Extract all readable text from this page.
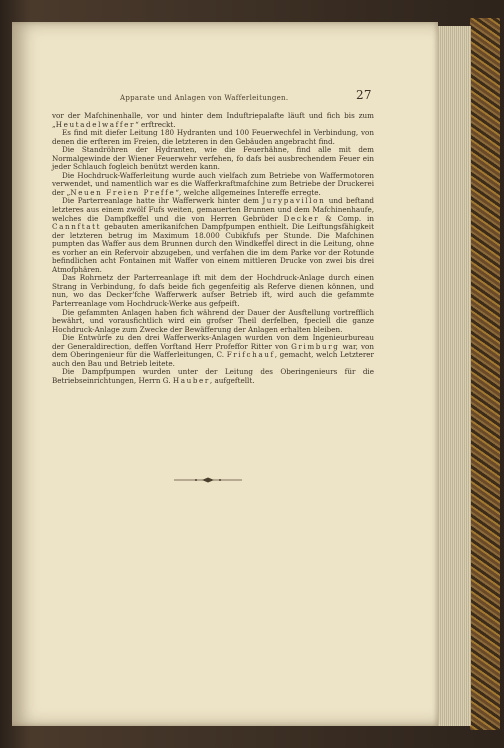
Apparate und Anlagen von Wafferleitungen.	27

vor der Mafchinenhalle, vor und hinter dem Induftriepalafte läuft und fich bis zum „Heutadelwaffer“ erftreckt.

Es find mit diefer Leitung 180 Hydranten und 100 Feuerwechfel in Verbindung, von denen die erfteren im Freien, die letzteren in den Gebäuden angebracht find.

Die Standröhren der Hydranten, wie die Feuerhähne, find alle mit dem Normalgewinde der Wiener Feuerwehr verfehen, fo dafs bei ausbrechendem Feuer ein jeder Schlauch fogleich benützt werden kann.

Die Hochdruck-Wafferleitung wurde auch vielfach zum Betriebe von Waffermotoren verwendet, und namentlich war es die Wafferkraftmafchine zum Betriebe der Druckerei der „Neuen Freien Preffe“, welche allgemeines Intereffe erregte.

Die Parterreanlage hatte ihr Wafferwerk hinter dem Jurypavillon und beftand letzteres aus einem zwölf Fufs weiten, gemauerten Brunnen und dem Mafchinenhaufe, welches die Dampfkeffel und die von Herren Gebrüder Decker & Comp. in Cannftatt gebauten amerikanifchen Dampfpumpen enthielt. Die Leiftungsfähigkeit der letzteren betrug im Maximum 18.000 Cubikfufs per Stunde. Die Mafchinen pumpten das Waffer aus dem Brunnen durch den Windkeffel direct in die Leitung, ohne es vorher an ein Refervoir abzugeben, und verfahen die im dem Parke vor der Rotunde befindlichen acht Fontainen mit Waffer von einem mittleren Drucke von zwei bis drei Atmofphären.

Das Rohrnetz der Parterreanlage ift mit dem der Hochdruck-Anlage durch einen Strang in Verbindung, fo dafs beide fich gegenfeitig als Referve dienen können, und nun, wo das Decker'fche Wafferwerk aufser Betrieb ift, wird auch die gefammte Parterreanlage vom Hochdruck-Werke aus gefpeift.

Die gefammten Anlagen haben fich während der Dauer der Ausftellung vortrefflich bewährt, und vorausfichtlich wird ein grofser Theil derfelben, fpeciell die ganze Hochdruck-Anlage zum Zwecke der Bewäfferung der Anlagen erhalten bleiben.

Die Entwürfe zu den drei Wafferwerks-Anlagen wurden von dem Ingenieurbureau der Generaldirection, deffen Vorftand Herr Profeffor Ritter von Grimburg war, von dem Oberingenieur für die Wafferleitungen, C. Frifchauf, gemacht, welch Letzterer auch den Bau und Betrieb leitete.

Die Dampfpumpen wurden unter der Leitung des Oberingenieurs für die Betriebseinrichtungen, Herrn G. Hauber, aufgeftellt.
